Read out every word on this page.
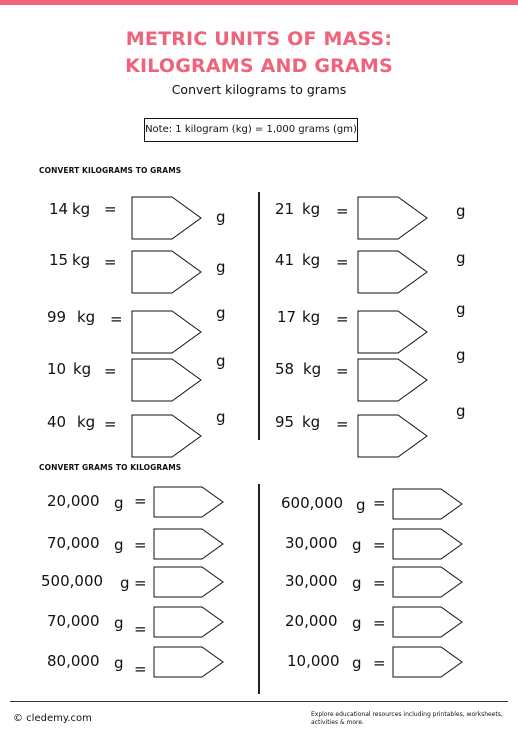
METRIC UNITS OF MASS:
KILOGRAMS AND GRAMS
Convert kilograms to grams
Note: 1 kilogram (kg) = 1,000 grams (gm)
CONVERT KILOGRAMS TO GRAMS
CONVERT GRAMS TO KILOGRAMS
14 kg =	g
15 kg =	g
99 kg =	g
10 kg =
g
40 kg =	g
21 kg =	g
41 kg =	g
17 kg =
g
58 kg =
g
95 kg =
g
20,000 g =
70,000 g =
500,000 g =
70,000 g =
80,000 g =
600,000 g =
30,000 g =
30,000 g =
20,000 g =
10,000 g =
© cledemy.com	Explore educational resources including printables, worksheets, activities & more.
